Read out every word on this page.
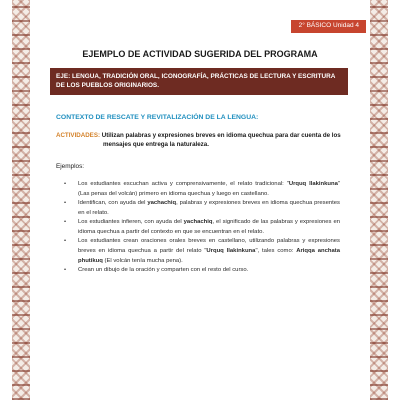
2° BÁSICO Unidad 4
EJEMPLO DE ACTIVIDAD SUGERIDA DEL PROGRAMA
EJE: LENGUA, TRADICIÓN ORAL, ICONOGRAFÍA, PRÁCTICAS DE LECTURA Y ESCRITURA DE LOS PUEBLOS ORIGINARIOS.
CONTEXTO DE RESCATE Y REVITALIZACIÓN DE LA LENGUA:
ACTIVIDADES: Utilizan palabras y expresiones breves en idioma quechua para dar cuenta de los
mensajes que entrega la naturaleza.

Ejemplos:

• Los estudiantes escuchan activa y comprensivamente, el relato tradicional: "Urquq llakinkuna" (Las penas del volcán) primero en idioma quechua y luego en castellano.
• Identifican, con ayuda del yachachiq, palabras y expresiones breves en idioma quechua presentes en el relato.
• Los estudiantes infieren, con ayuda del yachachiq, el significado de las palabras y expresiones en idioma quechua a partir del contexto en que se encuentran en el relato.
• Los estudiantes crean oraciones orales breves en castellano, utilizando palabras y expresiones breves en idioma quechua a partir del relato "Urquq llakinkuna", tales como: Ariqqa anchata phutikuq (El volcán tenía mucha pena).
• Crean un dibujo de la oración y comparten con el resto del curso.
